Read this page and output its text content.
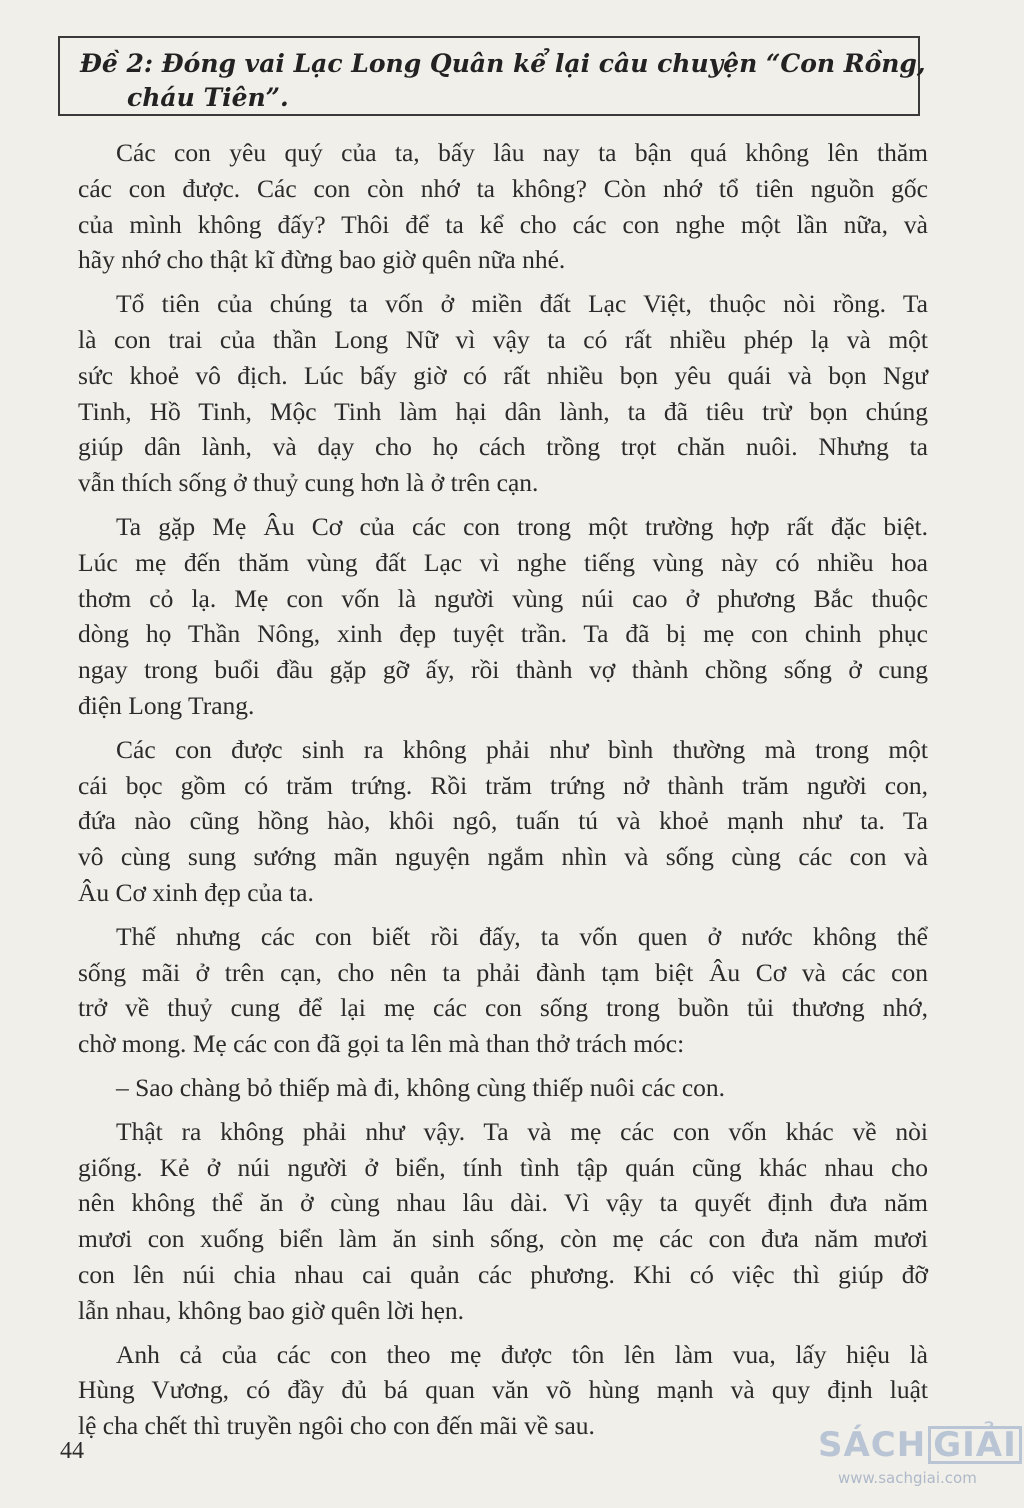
Đề 2: Đóng vai Lạc Long Quân kể lại câu chuyện “Con Rồng,
cháu Tiên”.

Các con yêu quý của ta, bấy lâu nay ta bận quá không lên thăm
các con được. Các con còn nhớ ta không? Còn nhớ tổ tiên nguồn gốc
của mình không đấy? Thôi để ta kể cho các con nghe một lần nữa, và
hãy nhớ cho thật kĩ đừng bao giờ quên nữa nhé.

Tổ tiên của chúng ta vốn ở miền đất Lạc Việt, thuộc nòi rồng. Ta
là con trai của thần Long Nữ vì vậy ta có rất nhiều phép lạ và một
sức khoẻ vô địch. Lúc bấy giờ có rất nhiều bọn yêu quái và bọn Ngư
Tinh, Hồ Tinh, Mộc Tinh làm hại dân lành, ta đã tiêu trừ bọn chúng
giúp dân lành, và dạy cho họ cách trồng trọt chăn nuôi. Nhưng ta
vẫn thích sống ở thuỷ cung hơn là ở trên cạn.

Ta gặp Mẹ Âu Cơ của các con trong một trường hợp rất đặc biệt.
Lúc mẹ đến thăm vùng đất Lạc vì nghe tiếng vùng này có nhiều hoa
thơm cỏ lạ. Mẹ con vốn là người vùng núi cao ở phương Bắc thuộc
dòng họ Thần Nông, xinh đẹp tuyệt trần. Ta đã bị mẹ con chinh phục
ngay trong buổi đầu gặp gỡ ấy, rồi thành vợ thành chồng sống ở cung
điện Long Trang.

Các con được sinh ra không phải như bình thường mà trong một
cái bọc gồm có trăm trứng. Rồi trăm trứng nở thành trăm người con,
đứa nào cũng hồng hào, khôi ngô, tuấn tú và khoẻ mạnh như ta. Ta
vô cùng sung sướng mãn nguyện ngắm nhìn và sống cùng các con và
Âu Cơ xinh đẹp của ta.

Thế nhưng các con biết rồi đấy, ta vốn quen ở nước không thể
sống mãi ở trên cạn, cho nên ta phải đành tạm biệt Âu Cơ và các con
trở về thuỷ cung để lại mẹ các con sống trong buồn tủi thương nhớ,
chờ mong. Mẹ các con đã gọi ta lên mà than thở trách móc:

– Sao chàng bỏ thiếp mà đi, không cùng thiếp nuôi các con.

Thật ra không phải như vậy. Ta và mẹ các con vốn khác về nòi
giống. Kẻ ở núi người ở biển, tính tình tập quán cũng khác nhau cho
nên không thể ăn ở cùng nhau lâu dài. Vì vậy ta quyết định đưa năm
mươi con xuống biển làm ăn sinh sống, còn mẹ các con đưa năm mươi
con lên núi chia nhau cai quản các phương. Khi có việc thì giúp đỡ
lẫn nhau, không bao giờ quên lời hẹn.

Anh cả của các con theo mẹ được tôn lên làm vua, lấy hiệu là
Hùng Vương, có đầy đủ bá quan văn võ hùng mạnh và quy định luật
lệ cha chết thì truyền ngôi cho con đến mãi về sau.

44	SÁCH GIẢI
www.sachgiai.com
